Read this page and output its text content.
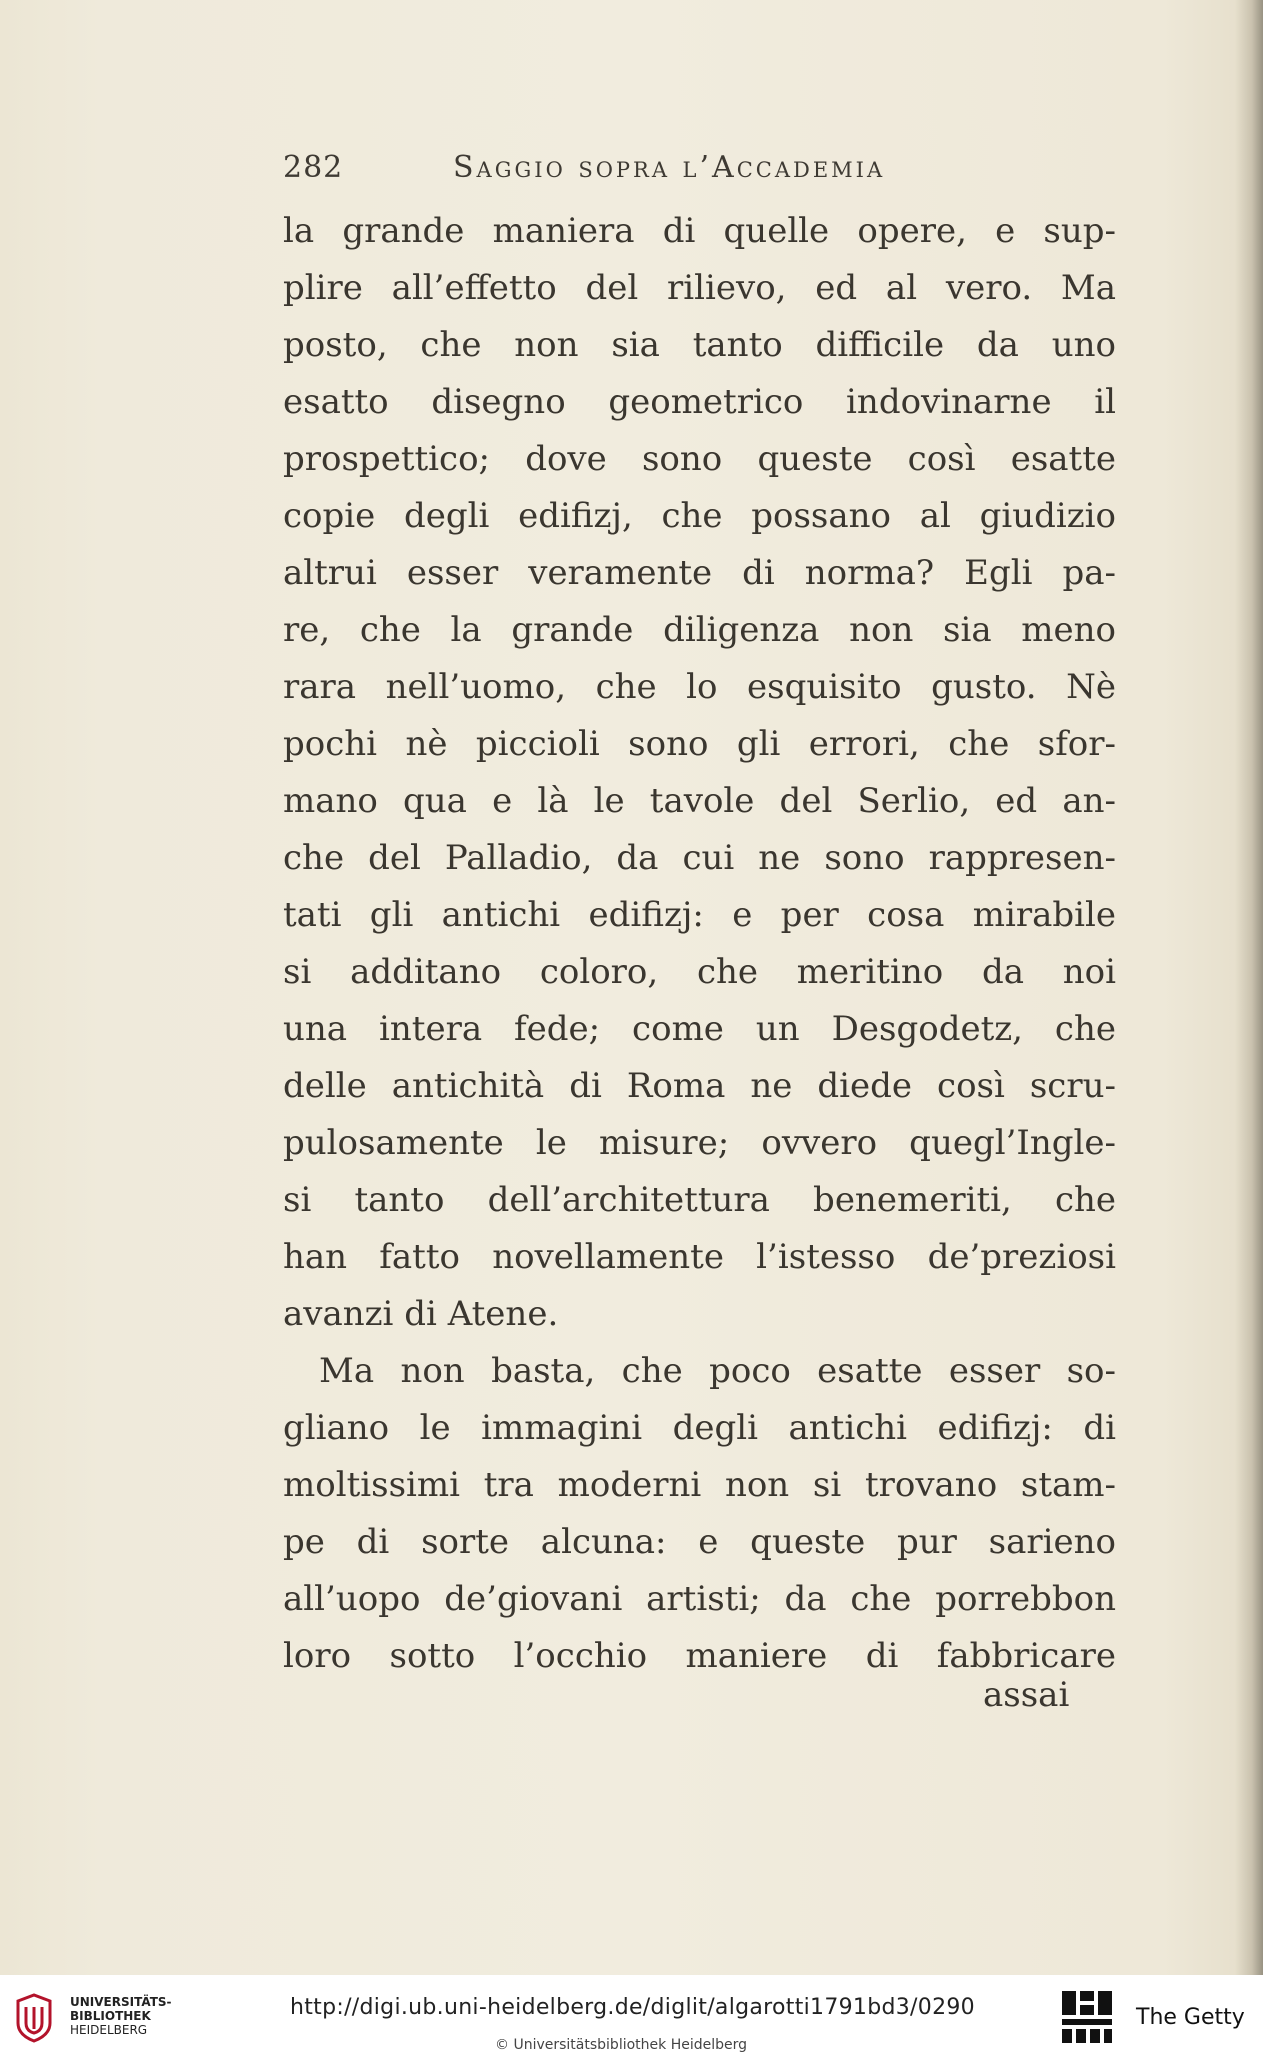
282	Saggio sopra l’Accademia
la grande maniera di quelle opere, e sup-
plire all’effetto del rilievo, ed al vero. Ma
posto, che non sia tanto difficile da uno
esatto disegno geometrico indovinarne il
prospettico; dove sono queste così esatte
copie degli edifizj, che possano al giudizio
altrui esser veramente di norma? Egli pa-
re, che la grande diligenza non sia meno
rara nell’uomo, che lo esquisito gusto. Nè
pochi nè piccioli sono gli errori, che sfor-
mano qua e là le tavole del Serlio, ed an-
che del Palladio, da cui ne sono rappresen-
tati gli antichi edifizj: e per cosa mirabile
si additano coloro, che meritino da noi
una intera fede; come un Desgodetz, che
delle antichità di Roma ne diede così scru-
pulosamente le misure; ovvero quegl’Ingle-
si tanto dell’architettura benemeriti, che
han fatto novellamente l’istesso de’preziosi
avanzi di Atene.
Ma non basta, che poco esatte esser so-
gliano le immagini degli antichi edifizj: di
moltissimi tra moderni non si trovano stam-
pe di sorte alcuna: e queste pur sarieno
all’uopo de’giovani artisti; da che porrebbon
loro sotto l’occhio maniere di fabbricare
assai
UNIVERSITÄTS-
BIBLIOTHEK
HEIDELBERG
http://digi.ub.uni-heidelberg.de/diglit/algarotti1791bd3/0290
© Universitätsbibliothek Heidelberg
The Getty
